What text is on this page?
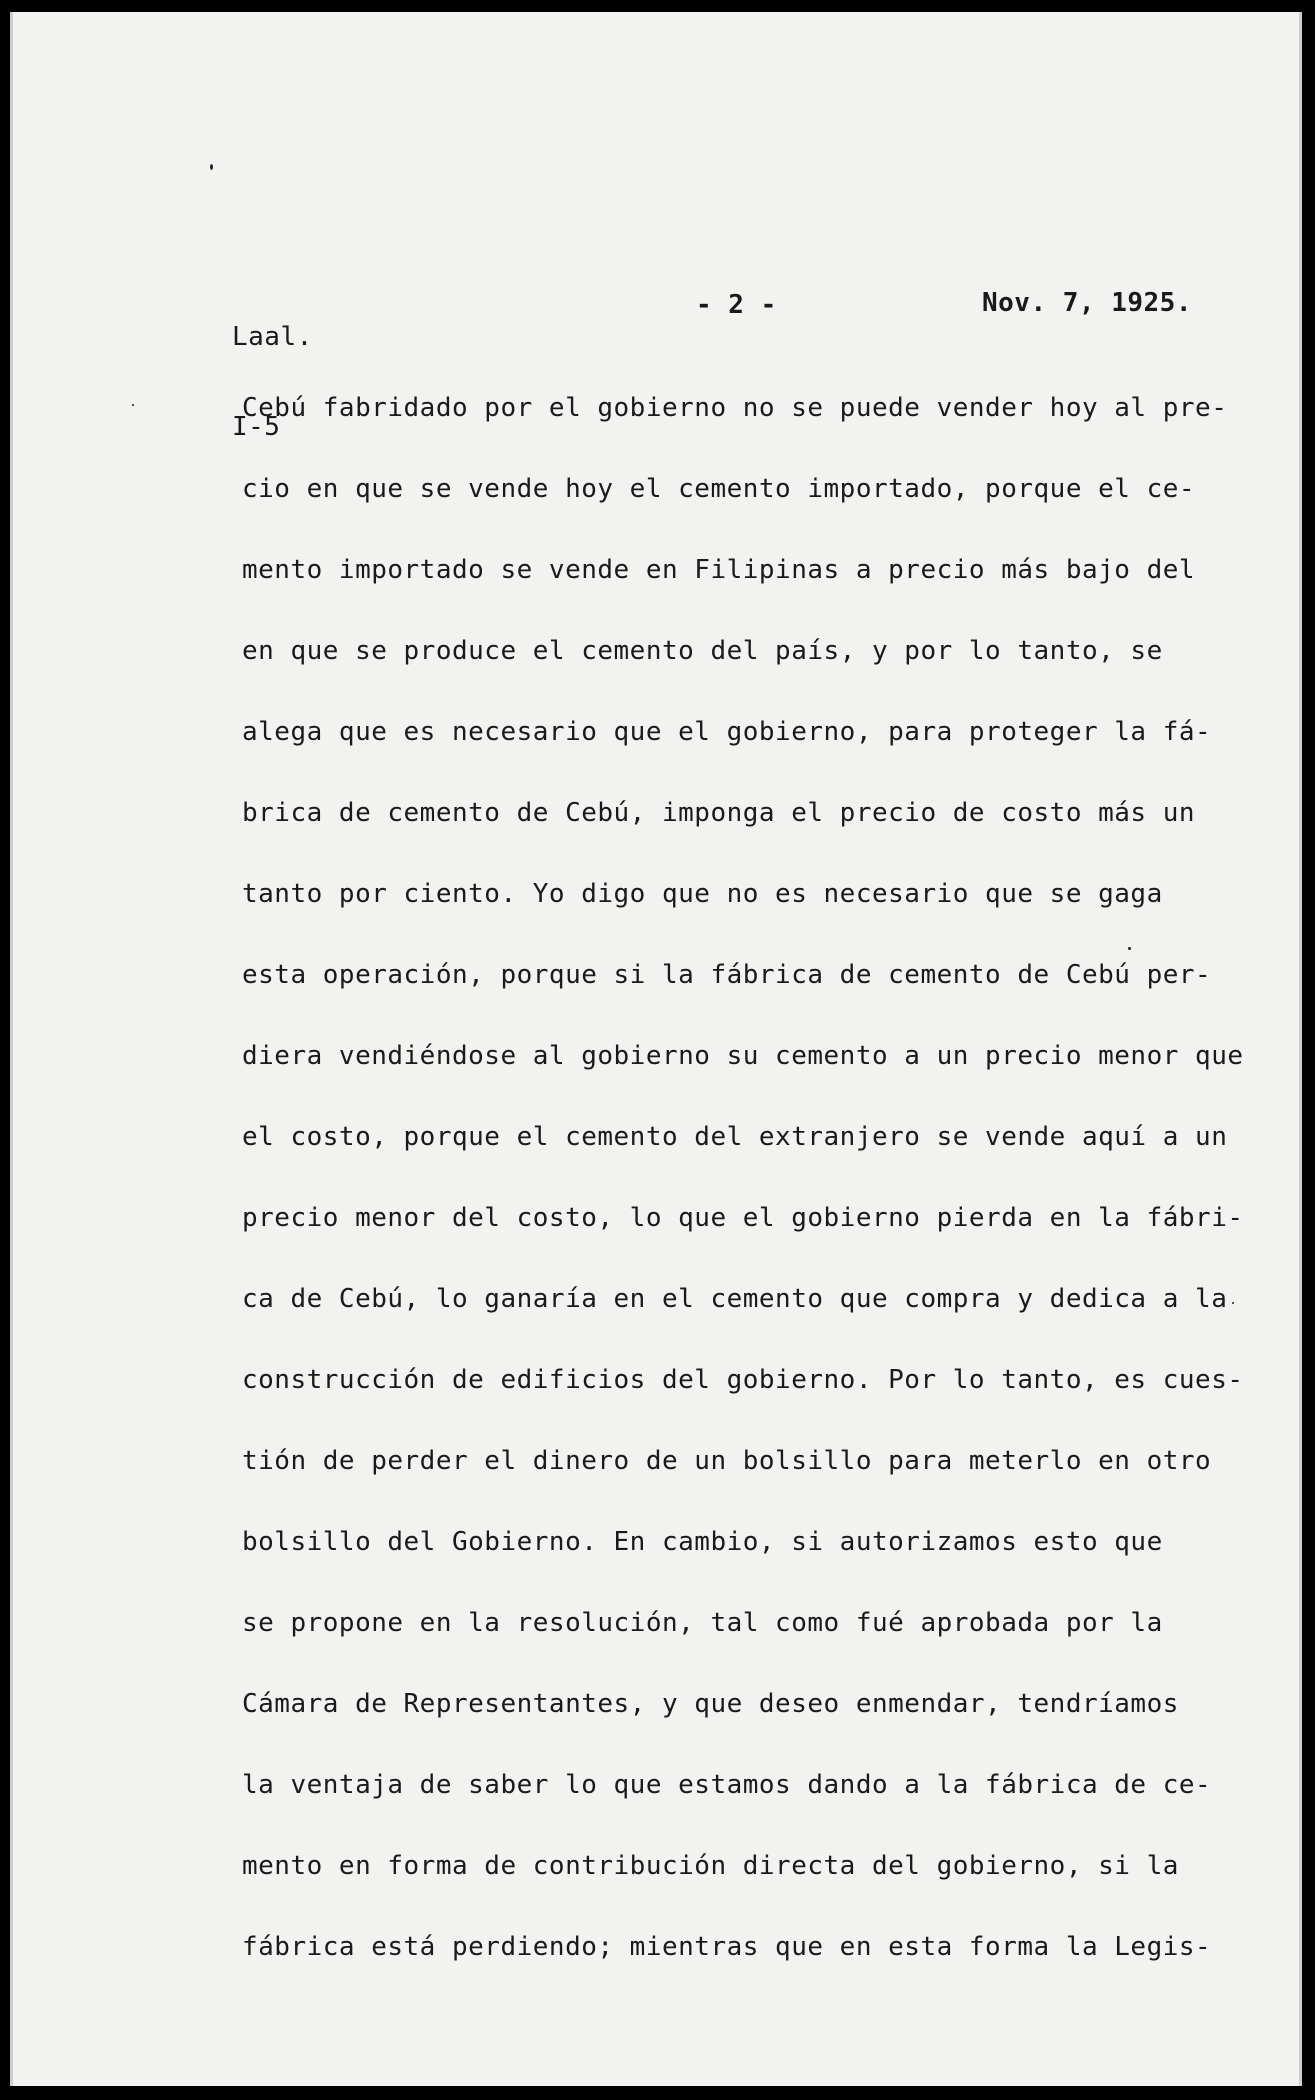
Laal.

I-5

- 2 -	Nov. 7, 1925.
Cebú fabridado por el gobierno no se puede vender hoy al pre-
cio en que se vende hoy el cemento importado, porque el ce-
mento importado se vende en Filipinas a precio más bajo del
en que se produce el cemento del país, y por lo tanto, se
alega que es necesario que el gobierno, para proteger la fá-
brica de cemento de Cebú, imponga el precio de costo más un
tanto por ciento. Yo digo que no es necesario que se gaga
esta operación, porque si la fábrica de cemento de Cebú per-
diera vendiéndose al gobierno su cemento a un precio menor que
el costo, porque el cemento del extranjero se vende aquí a un
precio menor del costo, lo que el gobierno pierda en la fábri-
ca de Cebú, lo ganaría en el cemento que compra y dedica a la
construcción de edificios del gobierno. Por lo tanto, es cues-
tión de perder el dinero de un bolsillo para meterlo en otro
bolsillo del Gobierno. En cambio, si autorizamos esto que
se propone en la resolución, tal como fué aprobada por la
Cámara de Representantes, y que deseo enmendar, tendríamos
la ventaja de saber lo que estamos dando a la fábrica de ce-
mento en forma de contribución directa del gobierno, si la
fábrica está perdiendo; mientras que en esta forma la Legis-
